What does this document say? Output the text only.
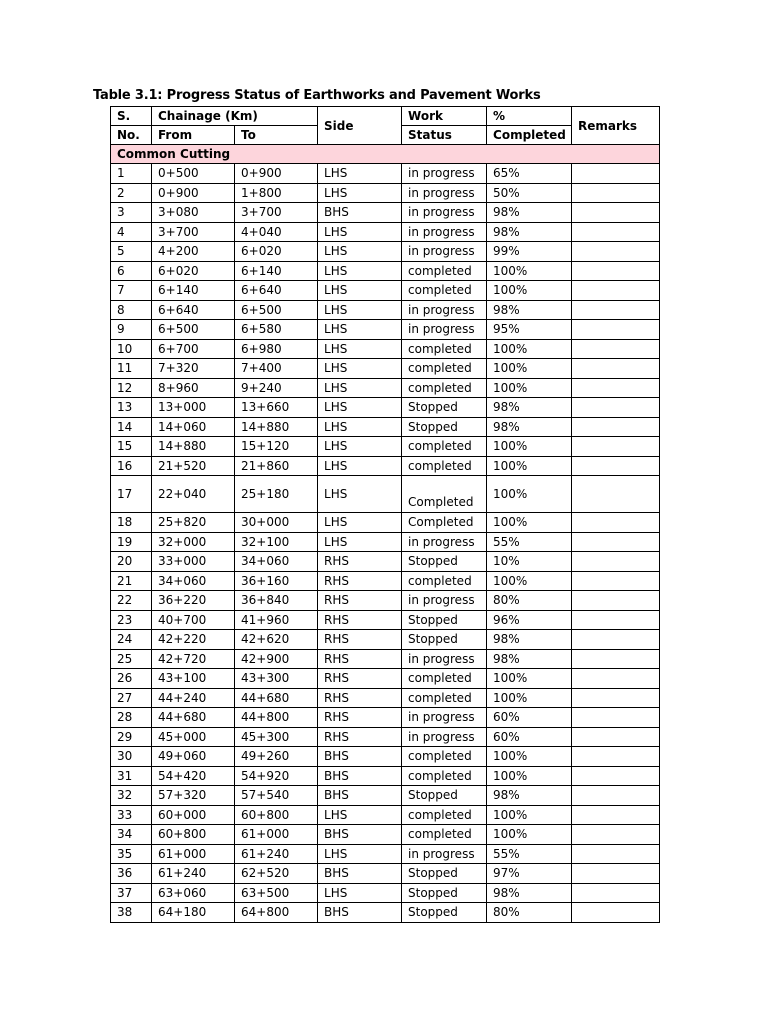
Table 3.1: Progress Status of Earthworks and Pavement Works
S.	Chainage (Km)		Side	Work	%	Remarks
No.	From	To		Status	Completed	
Common Cutting						
1	0+500	0+900	LHS	in progress	65%	
2	0+900	1+800	LHS	in progress	50%	
3	3+080	3+700	BHS	in progress	98%	
4	3+700	4+040	LHS	in progress	98%	
5	4+200	6+020	LHS	in progress	99%	
6	6+020	6+140	LHS	completed	100%	
7	6+140	6+640	LHS	completed	100%	
8	6+640	6+500	LHS	in progress	98%	
9	6+500	6+580	LHS	in progress	95%	
10	6+700	6+980	LHS	completed	100%	
11	7+320	7+400	LHS	completed	100%	
12	8+960	9+240	LHS	completed	100%	
13	13+000	13+660	LHS	Stopped	98%	
14	14+060	14+880	LHS	Stopped	98%	
15	14+880	15+120	LHS	completed	100%	
16	21+520	21+860	LHS	completed	100%	
17	22+040	25+180	LHS	Completed	100%	
18	25+820	30+000	LHS	Completed	100%	
19	32+000	32+100	LHS	in progress	55%	
20	33+000	34+060	RHS	Stopped	10%	
21	34+060	36+160	RHS	completed	100%	
22	36+220	36+840	RHS	in progress	80%	
23	40+700	41+960	RHS	Stopped	96%	
24	42+220	42+620	RHS	Stopped	98%	
25	42+720	42+900	RHS	in progress	98%	
26	43+100	43+300	RHS	completed	100%	
27	44+240	44+680	RHS	completed	100%	
28	44+680	44+800	RHS	in progress	60%	
29	45+000	45+300	RHS	in progress	60%	
30	49+060	49+260	BHS	completed	100%	
31	54+420	54+920	BHS	completed	100%	
32	57+320	57+540	BHS	Stopped	98%	
33	60+000	60+800	LHS	completed	100%	
34	60+800	61+000	BHS	completed	100%	
35	61+000	61+240	LHS	in progress	55%	
36	61+240	62+520	BHS	Stopped	97%	
37	63+060	63+500	LHS	Stopped	98%	
38	64+180	64+800	BHS	Stopped	80%	
